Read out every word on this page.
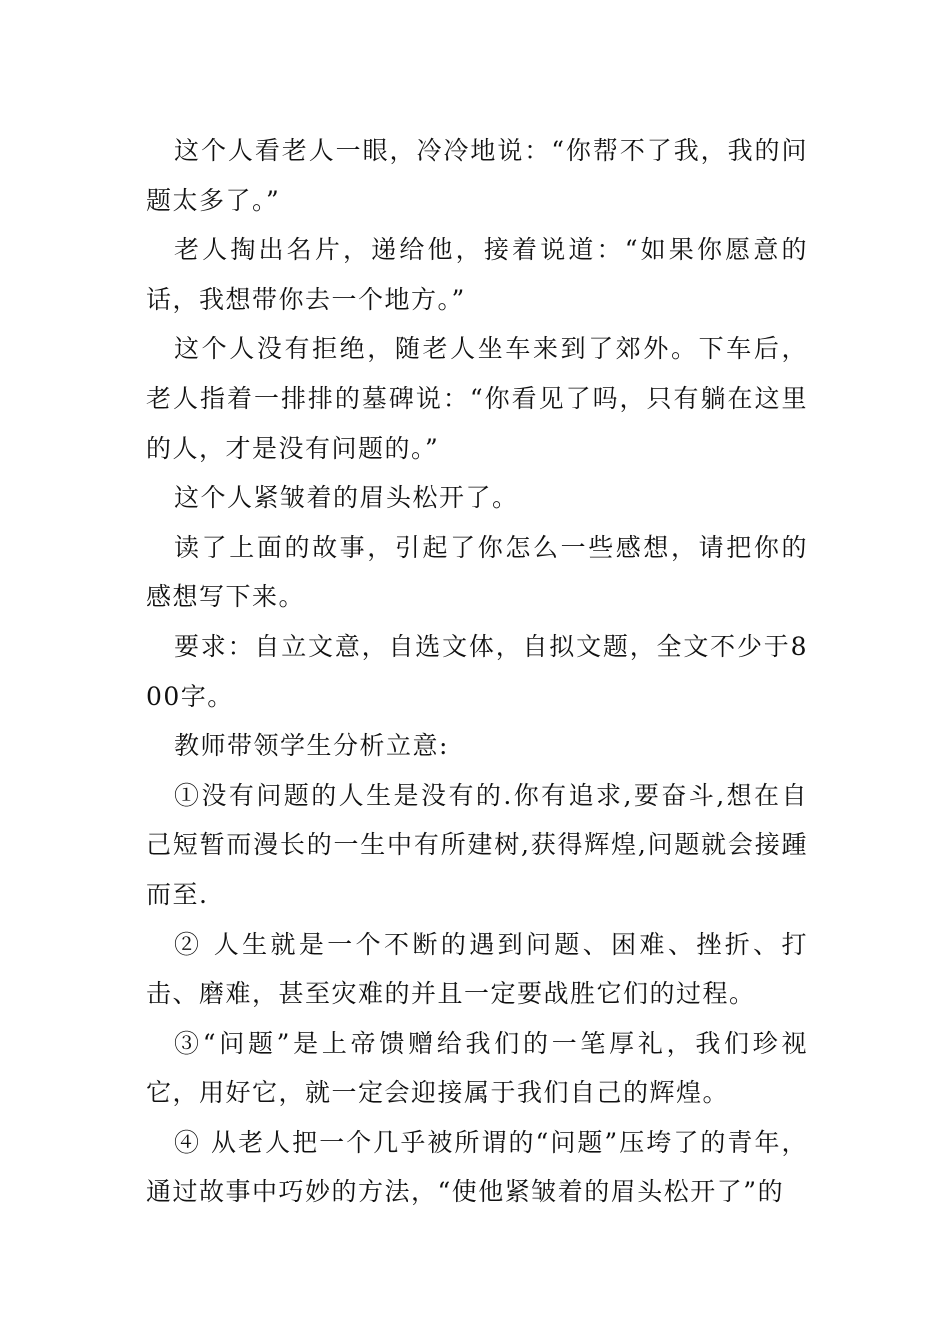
这个人看老人一眼，冷冷地说：“你帮不了我，我的问题太多了。”

老人掏出名片，递给他，接着说道：“如果你愿意的话，我想带你去一个地方。”

这个人没有拒绝，随老人坐车来到了郊外。下车后，老人指着一排排的墓碑说：“你看见了吗，只有躺在这里的人，才是没有问题的。”

这个人紧皱着的眉头松开了。

读了上面的故事，引起了你怎么一些感想，请把你的感想写下来。

要求：自立文意，自选文体，自拟文题，全文不少于800字。

教师带领学生分析立意:

①没有问题的人生是没有的.你有追求,要奋斗,想在自己短暂而漫长的一生中有所建树,获得辉煌,问题就会接踵而至.

② 人生就是一个不断的遇到问题、困难、挫折、打击、磨难，甚至灾难的并且一定要战胜它们的过程。

③“问题”是上帝馈赠给我们的一笔厚礼，我们珍视它，用好它，就一定会迎接属于我们自己的辉煌。

④ 从老人把一个几乎被所谓的“问题”压垮了的青年，通过故事中巧妙的方法，“使他紧皱着的眉头松开了”的
